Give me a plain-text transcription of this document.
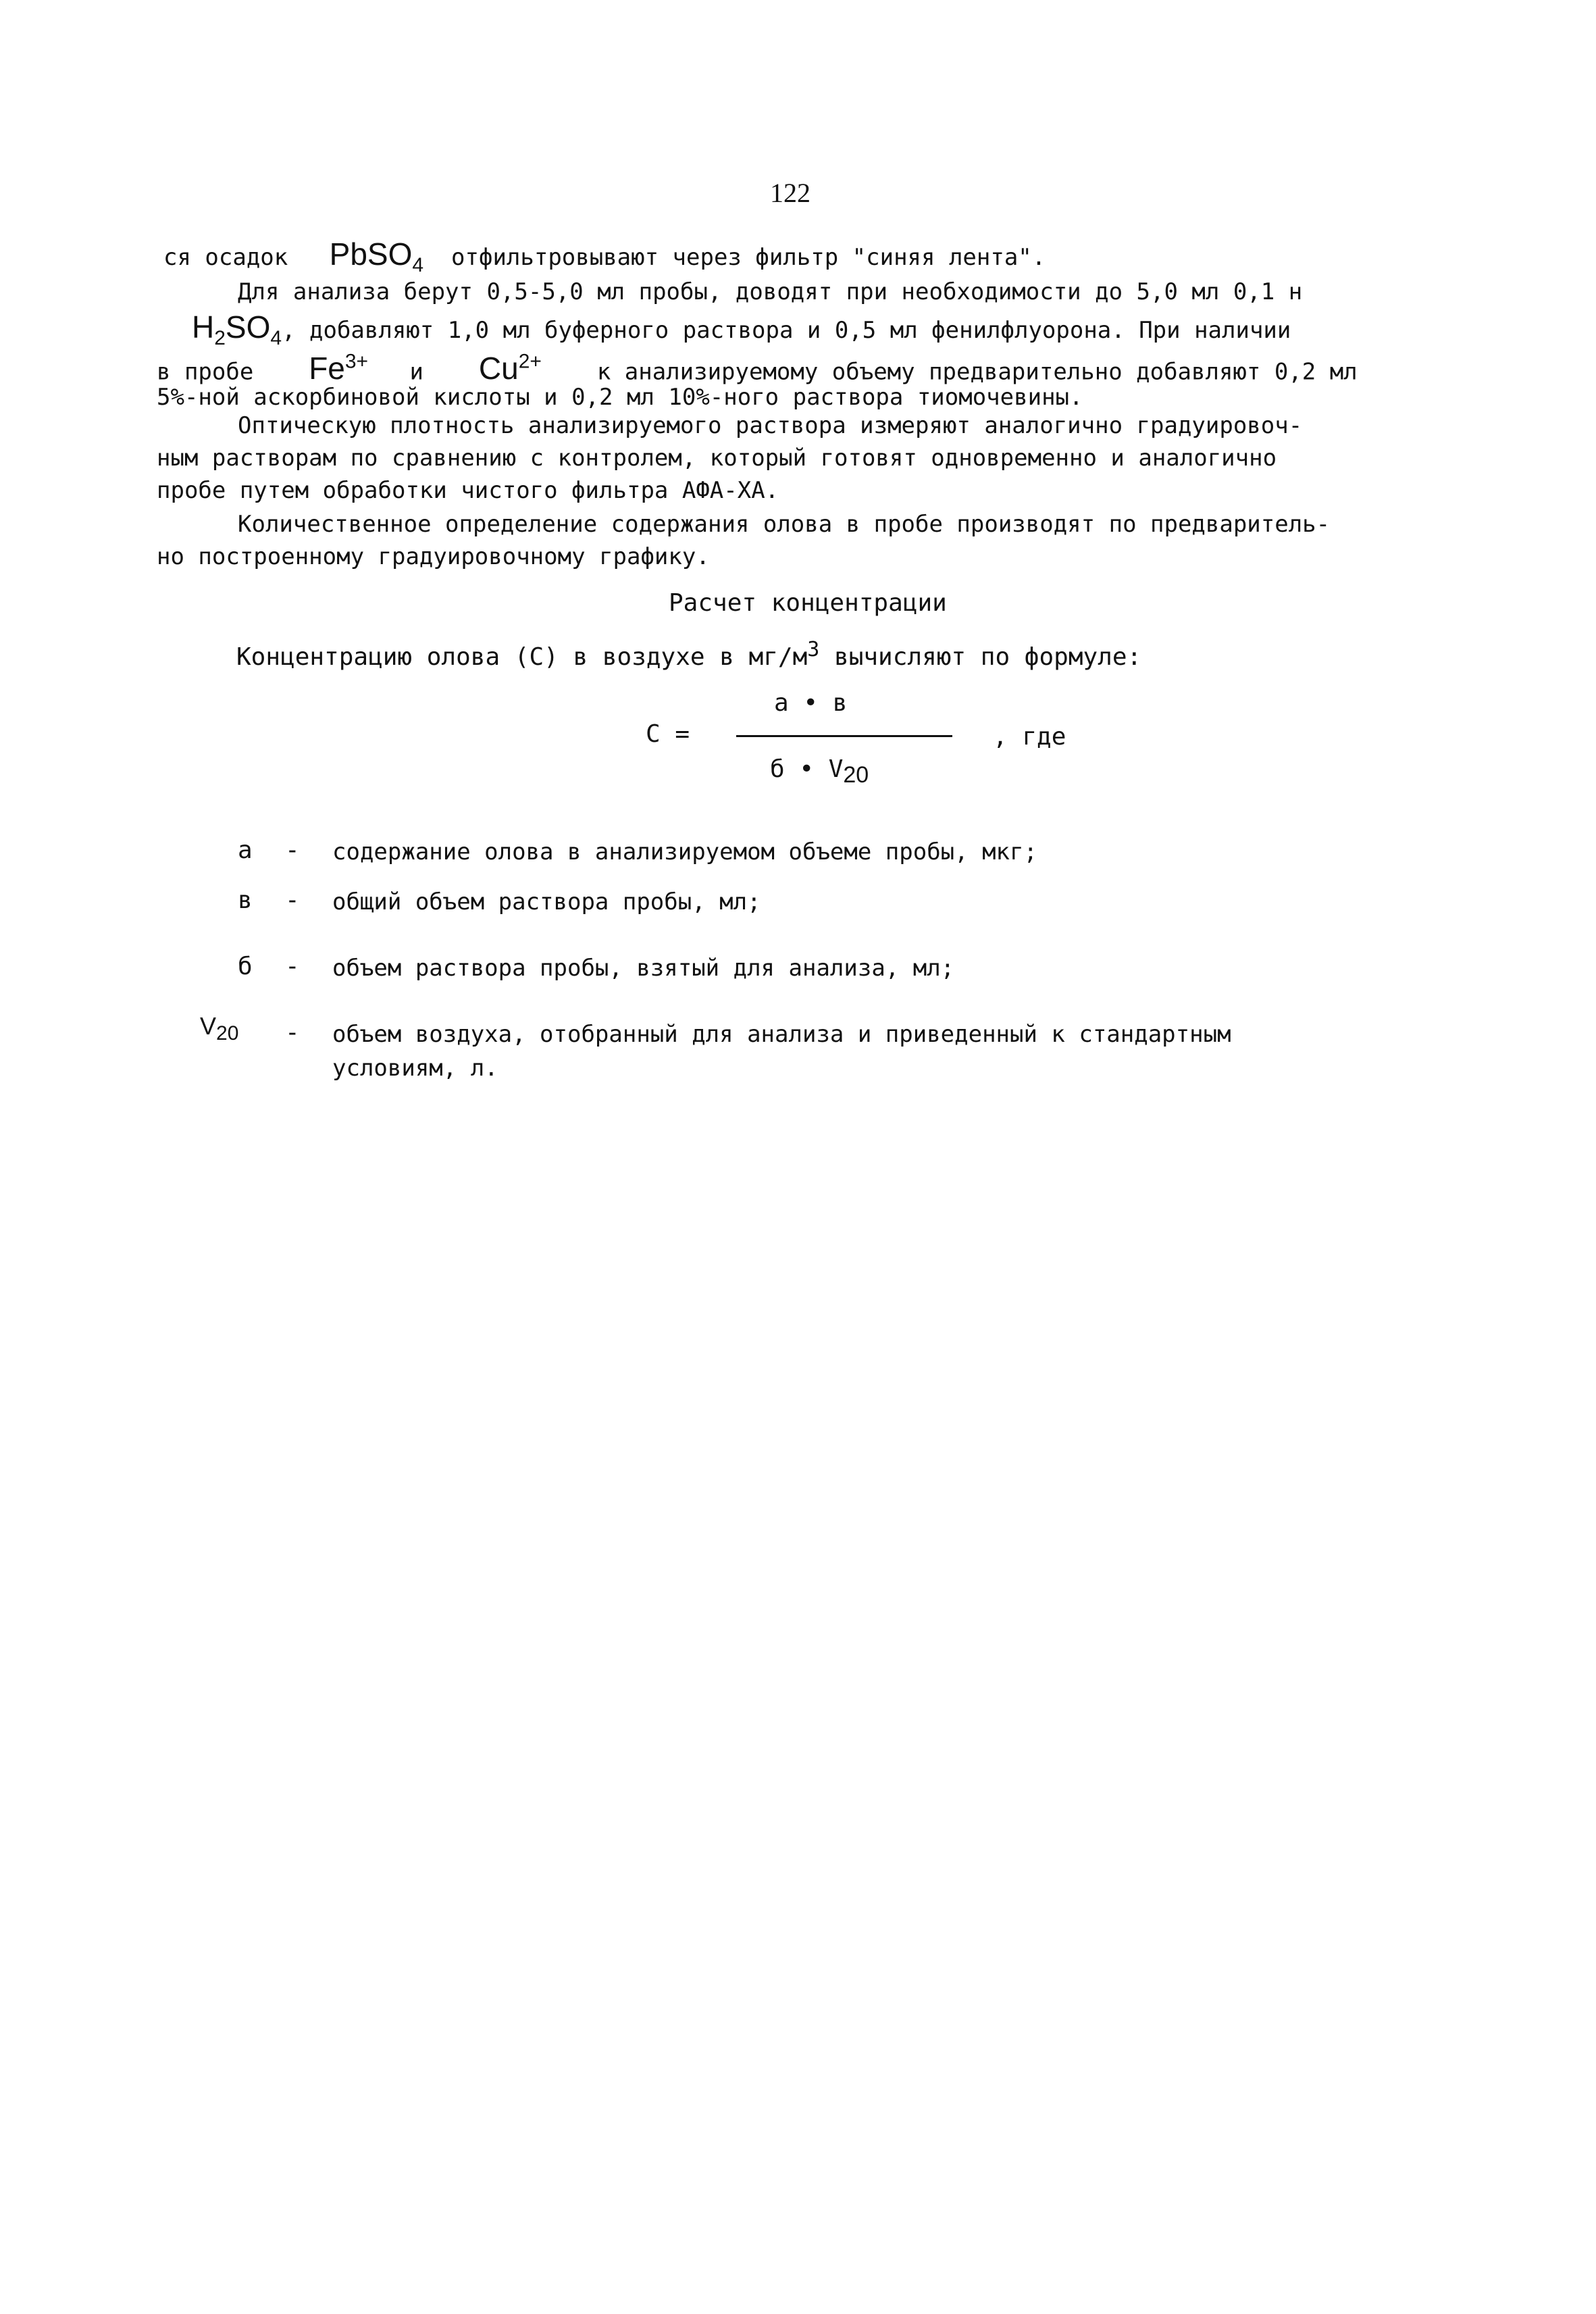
122
ся осадок PbSO$_4$ отфильтровывают через фильтр "синяя лента".
Для анализа берут 0,5-5,0 мл пробы, доводят при необходимости до 5,0 мл 0,1 н
$H_2SO_4$, добавляют 1,0 мл буферного раствора и 0,5 мл фенилфлуорона. При наличии
в пробе $Fe^{3+}$ и $Cu^{2+}$ к анализируемому объему предварительно добавляют 0,2 мл
5%-ной аскорбиновой кислоты и 0,2 мл 10%-ного раствора тиомочевины.
Оптическую плотность анализируемого раствора измеряют аналогично градуировоч-
ным растворам по сравнению с контролем, который готовят одновременно и аналогично
пробе путем обработки чистого фильтра АФА-ХА.
Количественное определение содержания олова в пробе производят по предваритель-
но построенному градуировочному графику.
Расчет концентрации
Концентрацию олова (С) в воздухе в $мг/м^3$ вычисляют по формуле:
C =
а • в
б • $V_{20}$
, где
а - содержание олова в анализируемом объеме пробы, мкг;
в - общий объем раствора пробы, мл;
б - объем раствора пробы, взятый для анализа, мл;
$V_{20}$ - объем воздуха, отобранный для анализа и приведенный к стандартным
условиям, л.
